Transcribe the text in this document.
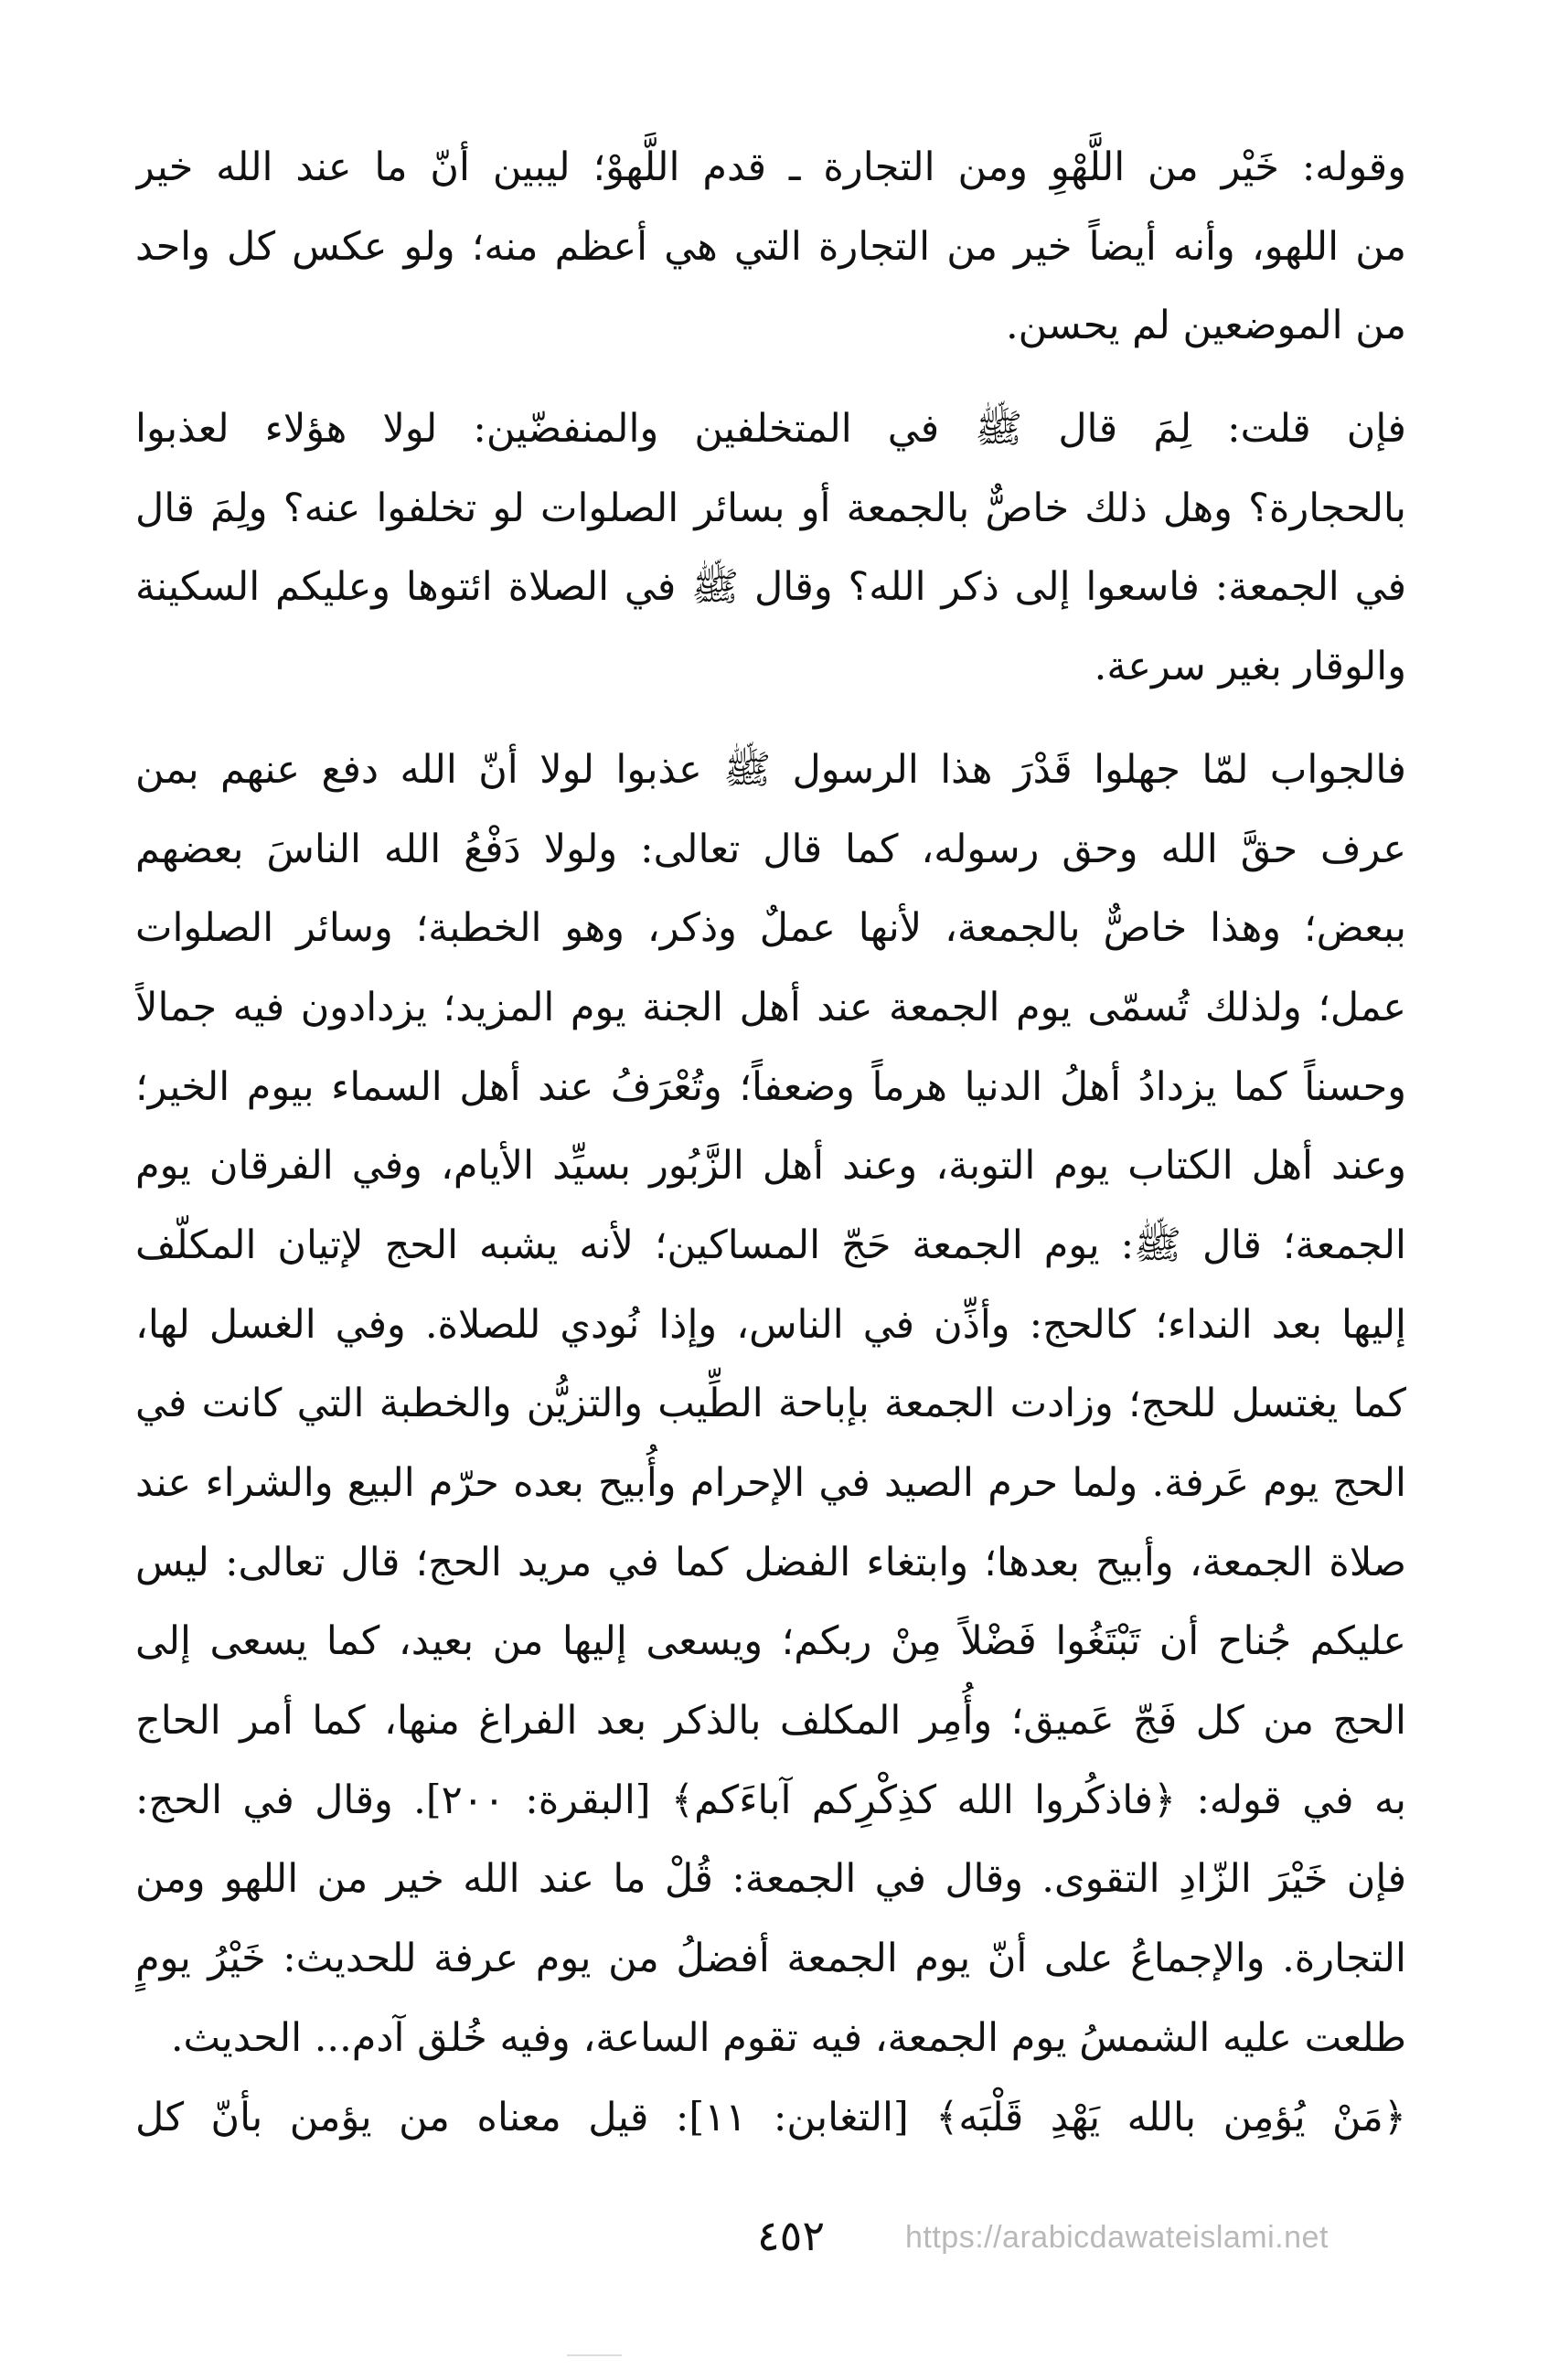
وقوله: خَيْر من اللَّهْوِ ومن التجارة ـ قدم اللَّهوْ؛ ليبين أنّ ما عند الله خير
من اللهو، وأنه أيضاً خير من التجارة التي هي أعظم منه؛ ولو عكس كل واحد
من الموضعين لم يحسن.
فإن قلت: لِمَ قال ﷺ في المتخلفين والمنفضّين: لولا هؤلاء لعذبوا
بالحجارة؟ وهل ذلك خاصٌّ بالجمعة أو بسائر الصلوات لو تخلفوا عنه؟ ولِمَ قال
في الجمعة: فاسعوا إلى ذكر الله؟ وقال ﷺ في الصلاة ائتوها وعليكم السكينة
والوقار بغير سرعة.
فالجواب لمّا جهلوا قَدْرَ هذا الرسول ﷺ عذبوا لولا أنّ الله دفع عنهم بمن
عرف حقَّ الله وحق رسوله، كما قال تعالى: ولولا دَفْعُ الله الناسَ بعضهم
ببعض؛ وهذا خاصٌّ بالجمعة، لأنها عملٌ وذكر، وهو الخطبة؛ وسائر الصلوات
عمل؛ ولذلك تُسمّى يوم الجمعة عند أهل الجنة يوم المزيد؛ يزدادون فيه جمالاً
وحسناً كما يزدادُ أهلُ الدنيا هرماً وضعفاً؛ وتُعْرَفُ عند أهل السماء بيوم الخير؛
وعند أهل الكتاب يوم التوبة، وعند أهل الزَّبُور بسيِّد الأيام، وفي الفرقان يوم
الجمعة؛ قال ﷺ: يوم الجمعة حَجّ المساكين؛ لأنه يشبه الحج لإتيان المكلّف
إليها بعد النداء؛ كالحج: وأذِّن في الناس، وإذا نُودي للصلاة. وفي الغسل لها،
كما يغتسل للحج؛ وزادت الجمعة بإباحة الطِّيب والتزيُّن والخطبة التي كانت في
الحج يوم عَرفة. ولما حرم الصيد في الإحرام وأُبيح بعده حرّم البيع والشراء عند
صلاة الجمعة، وأبيح بعدها؛ وابتغاء الفضل كما في مريد الحج؛ قال تعالى: ليس
عليكم جُناح أن تَبْتَغُوا فَضْلاً مِنْ ربكم؛ ويسعى إليها من بعيد، كما يسعى إلى
الحج من كل فَجّ عَميق؛ وأُمِر المكلف بالذكر بعد الفراغ منها، كما أمر الحاج
به في قوله: ﴿فاذكُروا الله كذِكْرِكم آباءَكم﴾ [البقرة: ٢٠٠]. وقال في الحج:
فإن خَيْرَ الزّادِ التقوى. وقال في الجمعة: قُلْ ما عند الله خير من اللهو ومن
التجارة. والإجماعُ على أنّ يوم الجمعة أفضلُ من يوم عرفة للحديث: خَيْرُ يومٍ
طلعت عليه الشمسُ يوم الجمعة، فيه تقوم الساعة، وفيه خُلق آدم... الحديث.
﴿مَنْ يُؤمِن بالله يَهْدِ قَلْبَه﴾ [التغابن: ١١]: قيل معناه من يؤمن بأنّ كل
٤٥٢	https://arabicdawateislami.net
